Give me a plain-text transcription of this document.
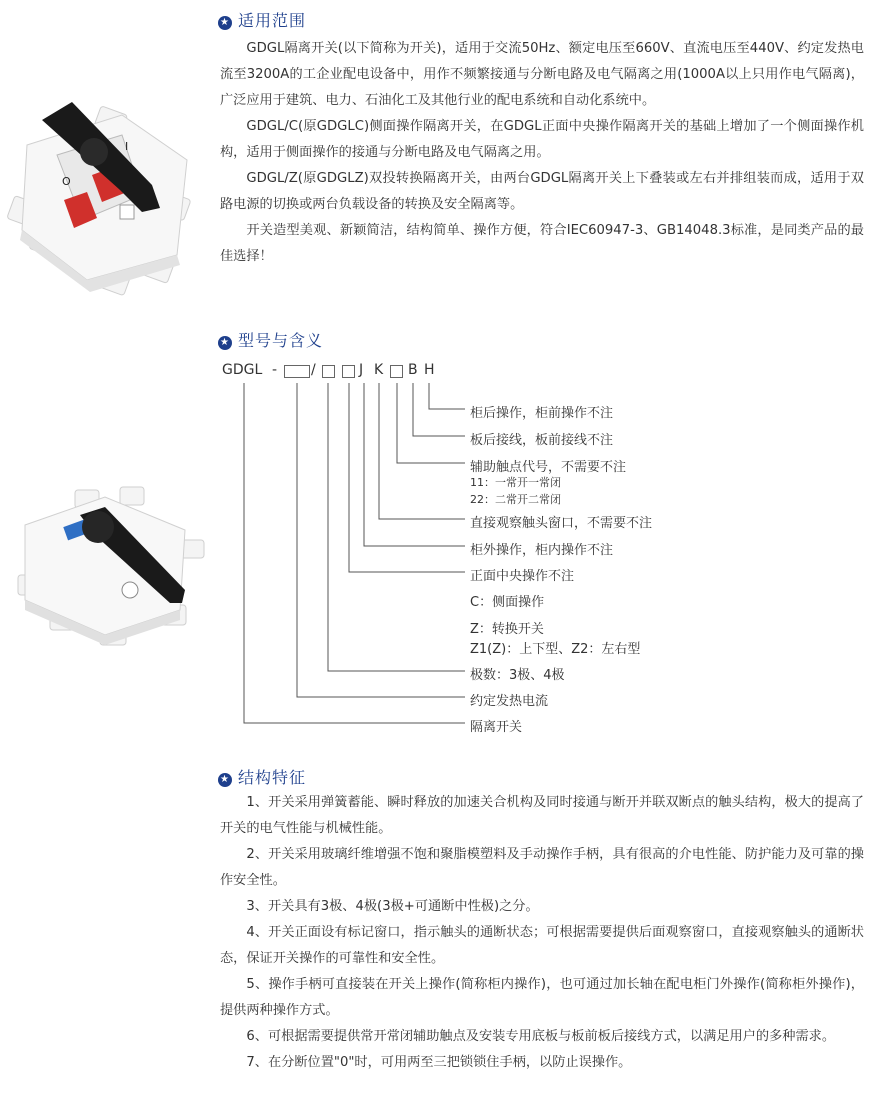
O
I
★ 适用范围

GDGL隔离开关(以下简称为开关)，适用于交流50Hz、额定电压至660V、直流电压至440V、约定发热电流至3200A的工企业配电设备中，用作不频繁接通与分断电路及电气隔离之用(1000A以上只用作电气隔离)，广泛应用于建筑、电力、石油化工及其他行业的配电系统和自动化系统中。

GDGL/C(原GDGLC)侧面操作隔离开关，在GDGL正面中央操作隔离开关的基础上增加了一个侧面操作机构，适用于侧面操作的接通与分断电路及电气隔离之用。

GDGL/Z(原GDGLZ)双投转换隔离开关，由两台GDGL隔离开关上下叠装或左右并排组装而成，适用于双路电源的切换或两台负载设备的转换及安全隔离等。

开关造型美观、新颖简洁，结构简单、操作方便，符合IEC60947-3、GB14048.3标准，是同类产品的最佳选择！

★ 型号与含义
GDGL - /	J K B H
柜后操作，柜前操作不注
板后接线，板前接线不注
辅助触点代号，不需要不注
11：一常开一常闭
22：二常开二常闭
直接观察触头窗口，不需要不注
柜外操作，柜内操作不注
正面中央操作不注
C：侧面操作
Z：转换开关
Z1(Z)：上下型、Z2：左右型
极数：3极、4极
约定发热电流
隔离开关
★ 结构特征

1、开关采用弹簧蓄能、瞬时释放的加速关合机构及同时接通与断开并联双断点的触头结构，极大的提高了开关的电气性能与机械性能。

2、开关采用玻璃纤维增强不饱和聚脂模塑料及手动操作手柄，具有很高的介电性能、防护能力及可靠的操作安全性。

3、开关具有3极、4极(3极+可通断中性极)之分。

4、开关正面设有标记窗口，指示触头的通断状态；可根据需要提供后面观察窗口，直接观察触头的通断状态，保证开关操作的可靠性和安全性。

5、操作手柄可直接装在开关上操作(简称柜内操作)，也可通过加长轴在配电柜门外操作(简称柜外操作)，提供两种操作方式。

6、可根据需要提供常开常闭辅助触点及安装专用底板与板前板后接线方式，以满足用户的多种需求。

7、在分断位置"0"时，可用两至三把锁锁住手柄，以防止误操作。
